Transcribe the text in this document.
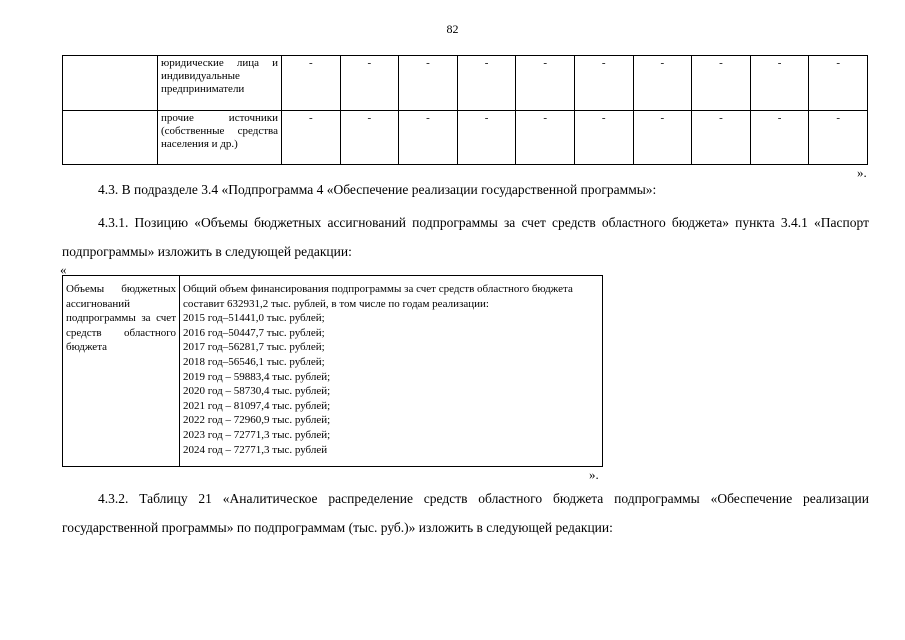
82
	юридические лица и индивидуальные предприниматели	-	-	-	-	-	-	-	-	-	-
	прочие источники (собственные средства населения и др.)	-	-	-	-	-	-	-	-	-	-
».
4.3. В подразделе 3.4 «Подпрограмма 4 «Обеспечение реализации государственной программы»:
4.3.1. Позицию «Объемы бюджетных ассигнований подпрограммы за счет средств областного бюджета» пункта 3.4.1 «Паспорт подпрограммы» изложить в следующей редакции:
«
Объемы бюджетных ассигнований подпрограммы за счет средств областного бюджета	Общий объем финансирования подпрограммы за счет средств областного бюджета составит 632931,2 тыс. рублей, в том числе по годам реализации:
2015 год–51441,0 тыс. рублей;
2016 год–50447,7 тыс. рублей;
2017 год–56281,7 тыс. рублей;
2018 год–56546,1 тыс. рублей;
2019 год – 59883,4 тыс. рублей;
2020 год – 58730,4 тыс. рублей;
2021 год – 81097,4 тыс. рублей;
2022 год – 72960,9 тыс. рублей;
2023 год – 72771,3 тыс. рублей;
2024 год – 72771,3 тыс. рублей
».
4.3.2. Таблицу 21 «Аналитическое распределение средств областного бюджета подпрограммы «Обеспечение реализации государственной программы» по подпрограммам (тыс. руб.)» изложить в следующей редакции:
